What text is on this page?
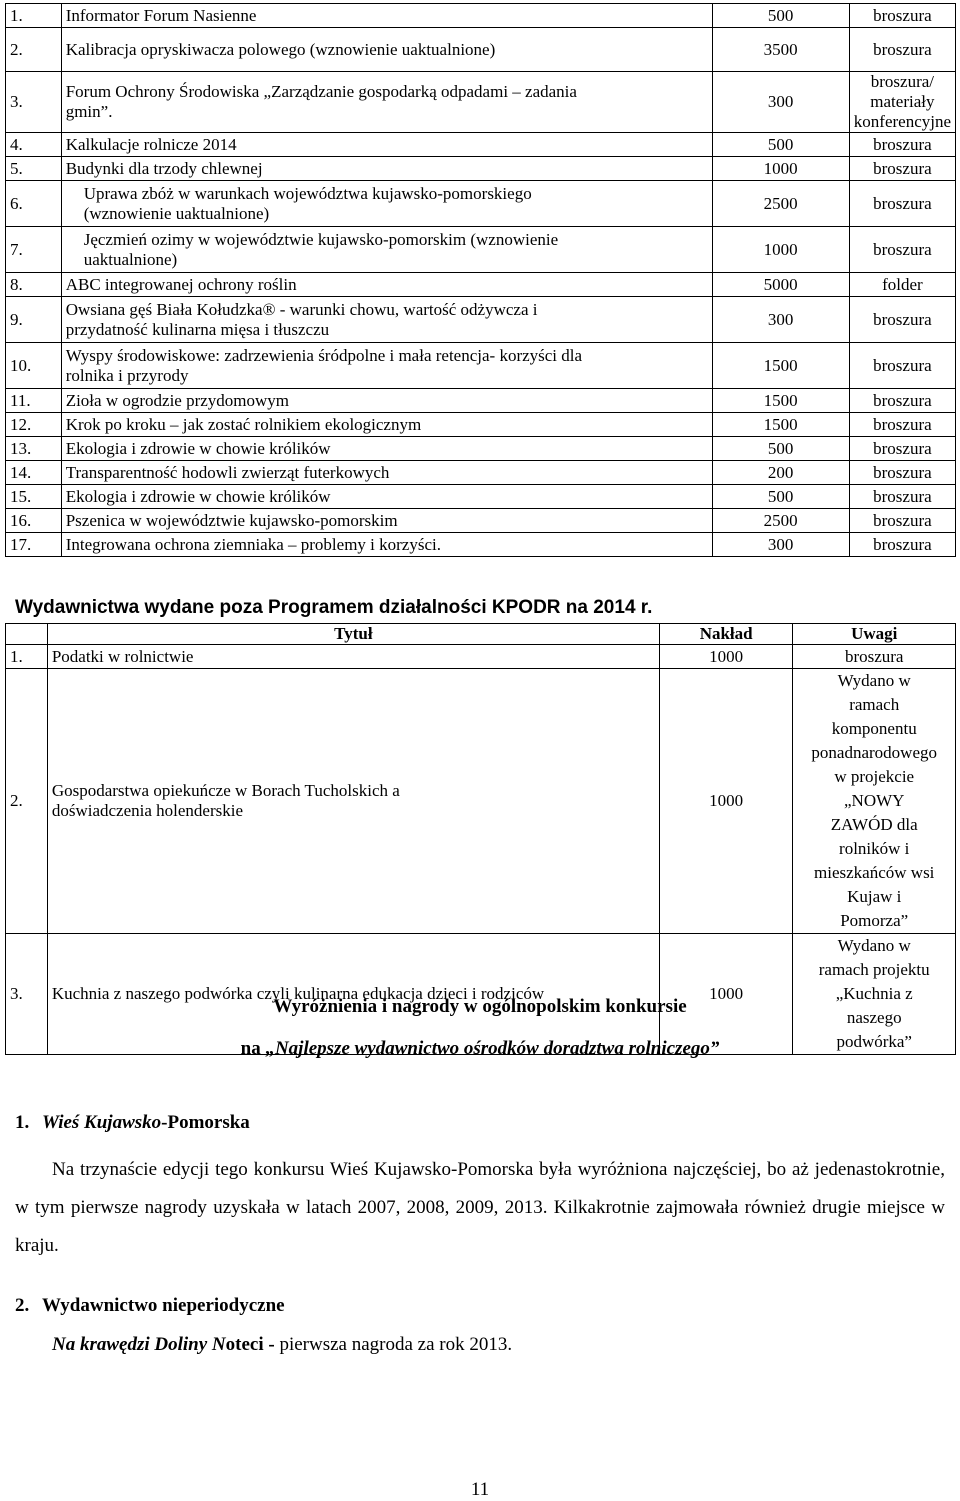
1.	Informator Forum Nasienne	500	broszura
2.	Kalibracja opryskiwacza polowego (wznowienie uaktualnione)	3500	broszura
3.	Forum Ochrony Środowiska „Zarządzanie gospodarką odpadami – zadania gmin”.	300	broszura/ materiały konferencyjne
4.	Kalkulacje rolnicze 2014	500	broszura
5.	Budynki dla trzody chlewnej	1000	broszura
6.	Uprawa zbóż w warunkach województwa kujawsko-pomorskiego (wznowienie uaktualnione)	2500	broszura
7.	Jęczmień ozimy w województwie kujawsko-pomorskim (wznowienie uaktualnione)	1000	broszura
8.	ABC integrowanej ochrony roślin	5000	folder
9.	Owsiana gęś Biała Kołudzka® - warunki chowu, wartość odżywcza i przydatność kulinarna mięsa i tłuszczu	300	broszura
10.	Wyspy środowiskowe: zadrzewienia śródpolne i mała retencja- korzyści dla rolnika i przyrody	1500	broszura
11.	Zioła w ogrodzie przydomowym	1500	broszura
12.	Krok po kroku – jak zostać rolnikiem ekologicznym	1500	broszura
13.	Ekologia i zdrowie w chowie królików	500	broszura
14.	Transparentność hodowli zwierząt futerkowych	200	broszura
15.	Ekologia i zdrowie w chowie królików	500	broszura
16.	Pszenica w województwie kujawsko-pomorskim	2500	broszura
17.	Integrowana ochrona ziemniaka – problemy i korzyści.	300	broszura
Wydawnictwa wydane poza Programem działalności KPODR na 2014 r.
	Tytuł	Nakład	Uwagi
1.	Podatki w rolnictwie	1000	broszura
2.	Gospodarstwa opiekuńcze w Borach Tucholskich a doświadczenia holenderskie	1000	Wydano w ramach komponentu ponadnarodowego w projekcie „NOWY ZAWÓD dla rolników i mieszkańców wsi Kujaw i Pomorza”
3.	Kuchnia z naszego podwórka czyli kulinarna edukacja dzieci i rodziców	1000	Wydano w ramach projektu „Kuchnia z naszego podwórka”
Wyróżnienia i nagrody w ogólnopolskim konkursie
na „Najlepsze wydawnictwo ośrodków doradztwa rolniczego”
1. Wieś Kujawsko-Pomorska
Na trzynaście edycji tego konkursu Wieś Kujawsko-Pomorska była wyróżniona najczęściej, bo aż jedenastokrotnie, w tym pierwsze nagrody uzyskała w latach 2007, 2008, 2009, 2013. Kilkakrotnie zajmowała również drugie miejsce w kraju.
2. Wydawnictwo nieperiodyczne
Na krawędzi Doliny Noteci - pierwsza nagroda za rok 2013.
11
